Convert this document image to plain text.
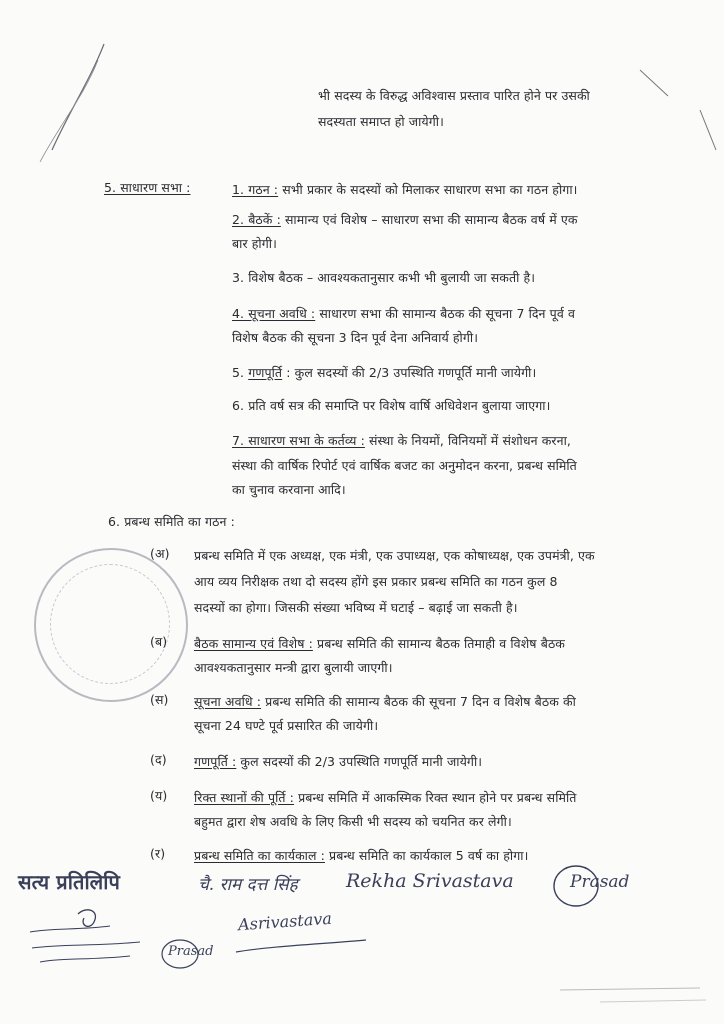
भी सदस्य के विरुद्ध अविश्वास प्रस्ताव पारित होने पर उसकी
सदस्यता समाप्त हो जायेगी।
5. साधारण सभा :	1. गठन : सभी प्रकार के सदस्यों को मिलाकर साधारण सभा का गठन होगा।
2. बैठकें : सामान्य एवं विशेष – साधारण सभा की सामान्य बैठक वर्ष में एक
बार होगी।
3. विशेष बैठक – आवश्यकतानुसार कभी भी बुलायी जा सकती है।
4. सूचना अवधि : साधारण सभा की सामान्य बैठक की सूचना 7 दिन पूर्व व
विशेष बैठक की सूचना 3 दिन पूर्व देना अनिवार्य होगी।
5. गणपूर्ति : कुल सदस्यों की 2/3 उपस्थिति गणपूर्ति मानी जायेगी।
6. प्रति वर्ष सत्र की समाप्ति पर विशेष वार्षि अधिवेशन बुलाया जाएगा।
7. साधारण सभा के कर्तव्य : संस्था के नियमों, विनियमों में संशोधन करना,
संस्था की वार्षिक रिपोर्ट एवं वार्षिक बजट का अनुमोदन करना, प्रबन्ध समिति
का चुनाव करवाना आदि।
6. प्रबन्ध समिति का गठन :
(अ) प्रबन्ध समिति में एक अध्यक्ष, एक मंत्री, एक उपाध्यक्ष, एक कोषाध्यक्ष, एक उपमंत्री, एक
आय व्यय निरीक्षक तथा दो सदस्य होंगे इस प्रकार प्रबन्ध समिति का गठन कुल 8
सदस्यों का होगा। जिसकी संख्या भविष्य में घटाई – बढ़ाई जा सकती है।
(ब) बैठक सामान्य एवं विशेष : प्रबन्ध समिति की सामान्य बैठक तिमाही व विशेष बैठक
आवश्यकतानुसार मन्त्री द्वारा बुलायी जाएगी।
(स) सूचना अवधि : प्रबन्ध समिति की सामान्य बैठक की सूचना 7 दिन व विशेष बैठक की
सूचना 24 घण्टे पूर्व प्रसारित की जायेगी।
(द) गणपूर्ति : कुल सदस्यों की 2/3 उपस्थिति गणपूर्ति मानी जायेगी।
(य) रिक्त स्थानों की पूर्ति : प्रबन्ध समिति में आकस्मिक रिक्त स्थान होने पर प्रबन्ध समिति
बहुमत द्वारा शेष अवधि के लिए किसी भी सदस्य को चयनित कर लेगी।
(र) प्रबन्ध समिति का कार्यकाल : प्रबन्ध समिति का कार्यकाल 5 वर्ष का होगा।
चै. राम दत्त सिंह	Rekha Srivastava	Prasad
Prasad
Asrivastava
सत्य प्रतिलिपि
